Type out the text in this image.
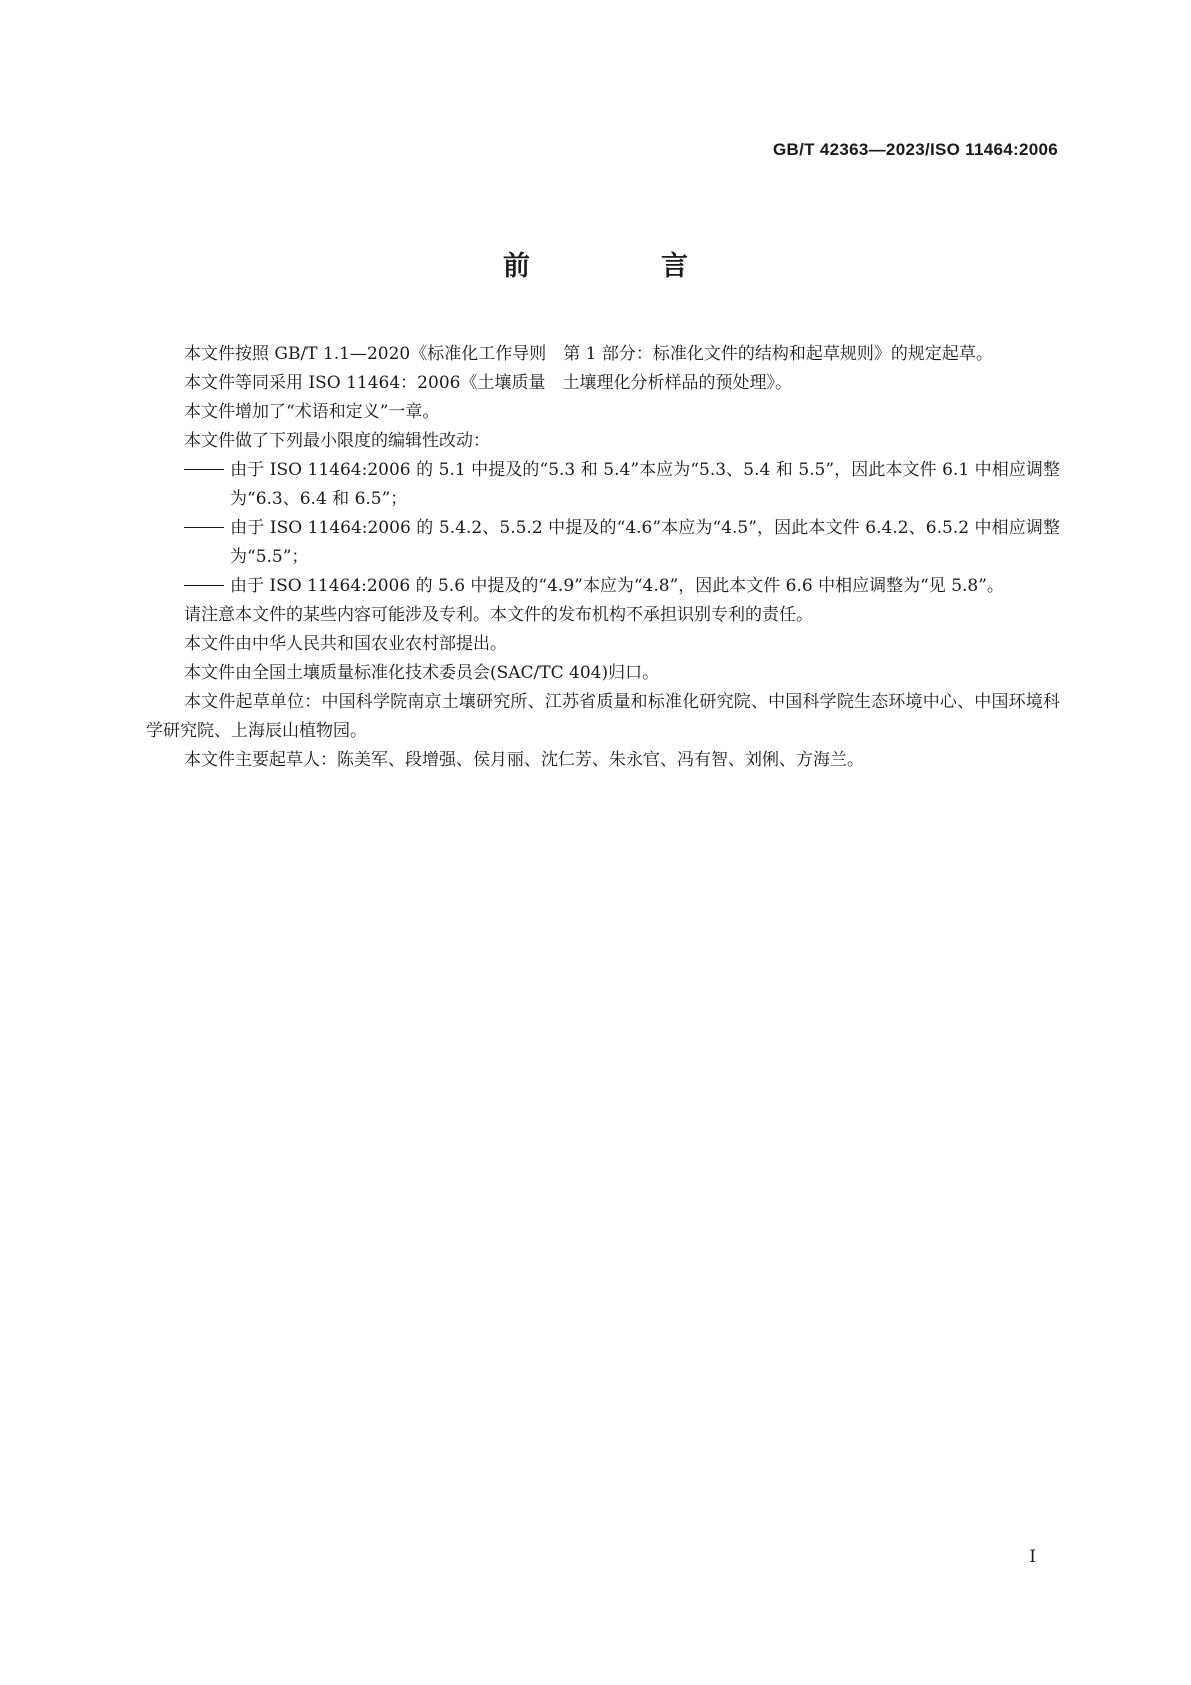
GB/T 42363—2023/ISO 11464:2006
前　言

本文件按照 GB/T 1.1—2020《标准化工作导则　第 1 部分：标准化文件的结构和起草规则》的规定起草。

本文件等同采用 ISO 11464：2006《土壤质量　土壤理化分析样品的预处理》。

本文件增加了“术语和定义”一章。

本文件做了下列最小限度的编辑性改动：

由于 ISO 11464:2006 的 5.1 中提及的“5.3 和 5.4”本应为“5.3、5.4 和 5.5”，因此本文件 6.1 中相应调整为“6.3、6.4 和 6.5”；

由于 ISO 11464:2006 的 5.4.2、5.5.2 中提及的“4.6”本应为“4.5”，因此本文件 6.4.2、6.5.2 中相应调整为“5.5”；

由于 ISO 11464:2006 的 5.6 中提及的“4.9”本应为“4.8”，因此本文件 6.6 中相应调整为“见 5.8”。

请注意本文件的某些内容可能涉及专利。本文件的发布机构不承担识别专利的责任。

本文件由中华人民共和国农业农村部提出。

本文件由全国土壤质量标准化技术委员会(SAC/TC 404)归口。

本文件起草单位：中国科学院南京土壤研究所、江苏省质量和标准化研究院、中国科学院生态环境中心、中国环境科学研究院、上海辰山植物园。

本文件主要起草人：陈美军、段增强、侯月丽、沈仁芳、朱永官、冯有智、刘俐、方海兰。

I
